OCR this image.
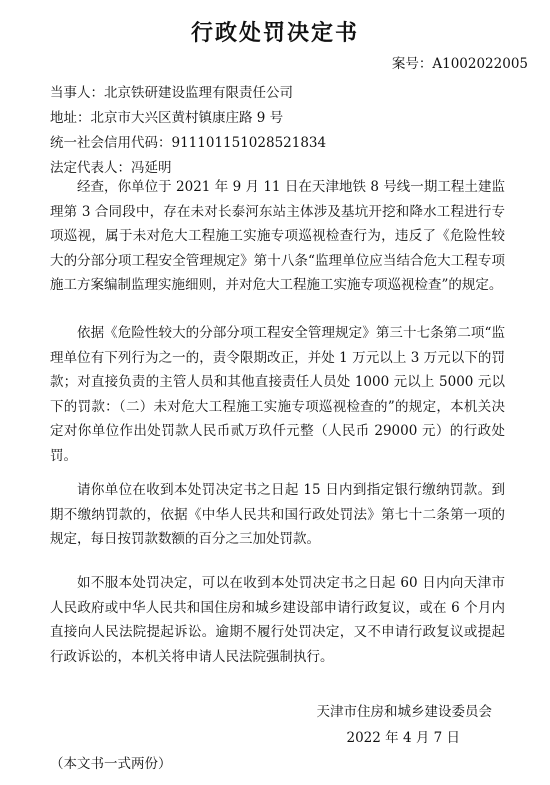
行政处罚决定书
案号：A1002022005
当事人：北京铁研建设监理有限责任公司
地址：北京市大兴区黄村镇康庄路 9 号
统一社会信用代码：911101151028521834
法定代表人：冯延明

经查，你单位于 2021 年 9 月 11 日在天津地铁 8 号线一期工程土建监理第 3 合同段中，存在未对长泰河东站主体涉及基坑开挖和降水工程进行专项巡视，属于未对危大工程施工实施专项巡视检查行为，违反了《危险性较大的分部分项工程安全管理规定》第十八条“监理单位应当结合危大工程专项施工方案编制监理实施细则，并对危大工程施工实施专项巡视检查”的规定。

依据《危险性较大的分部分项工程安全管理规定》第三十七条第二项“监理单位有下列行为之一的，责令限期改正，并处 1 万元以上 3 万元以下的罚款；对直接负责的主管人员和其他直接责任人员处 1000 元以上 5000 元以下的罚款：（二）未对危大工程施工实施专项巡视检查的”的规定，本机关决定对你单位作出处罚款人民币贰万玖仟元整（人民币 29000 元）的行政处罚。

请你单位在收到本处罚决定书之日起 15 日内到指定银行缴纳罚款。到期不缴纳罚款的，依据《中华人民共和国行政处罚法》第七十二条第一项的规定，每日按罚款数额的百分之三加处罚款。

如不服本处罚决定，可以在收到本处罚决定书之日起 60 日内向天津市人民政府或中华人民共和国住房和城乡建设部申请行政复议，或在 6 个月内直接向人民法院提起诉讼。逾期不履行处罚决定，又不申请行政复议或提起行政诉讼的，本机关将申请人民法院强制执行。

天津市住房和城乡建设委员会
2022 年 4 月 7 日
（本文书一式两份）
